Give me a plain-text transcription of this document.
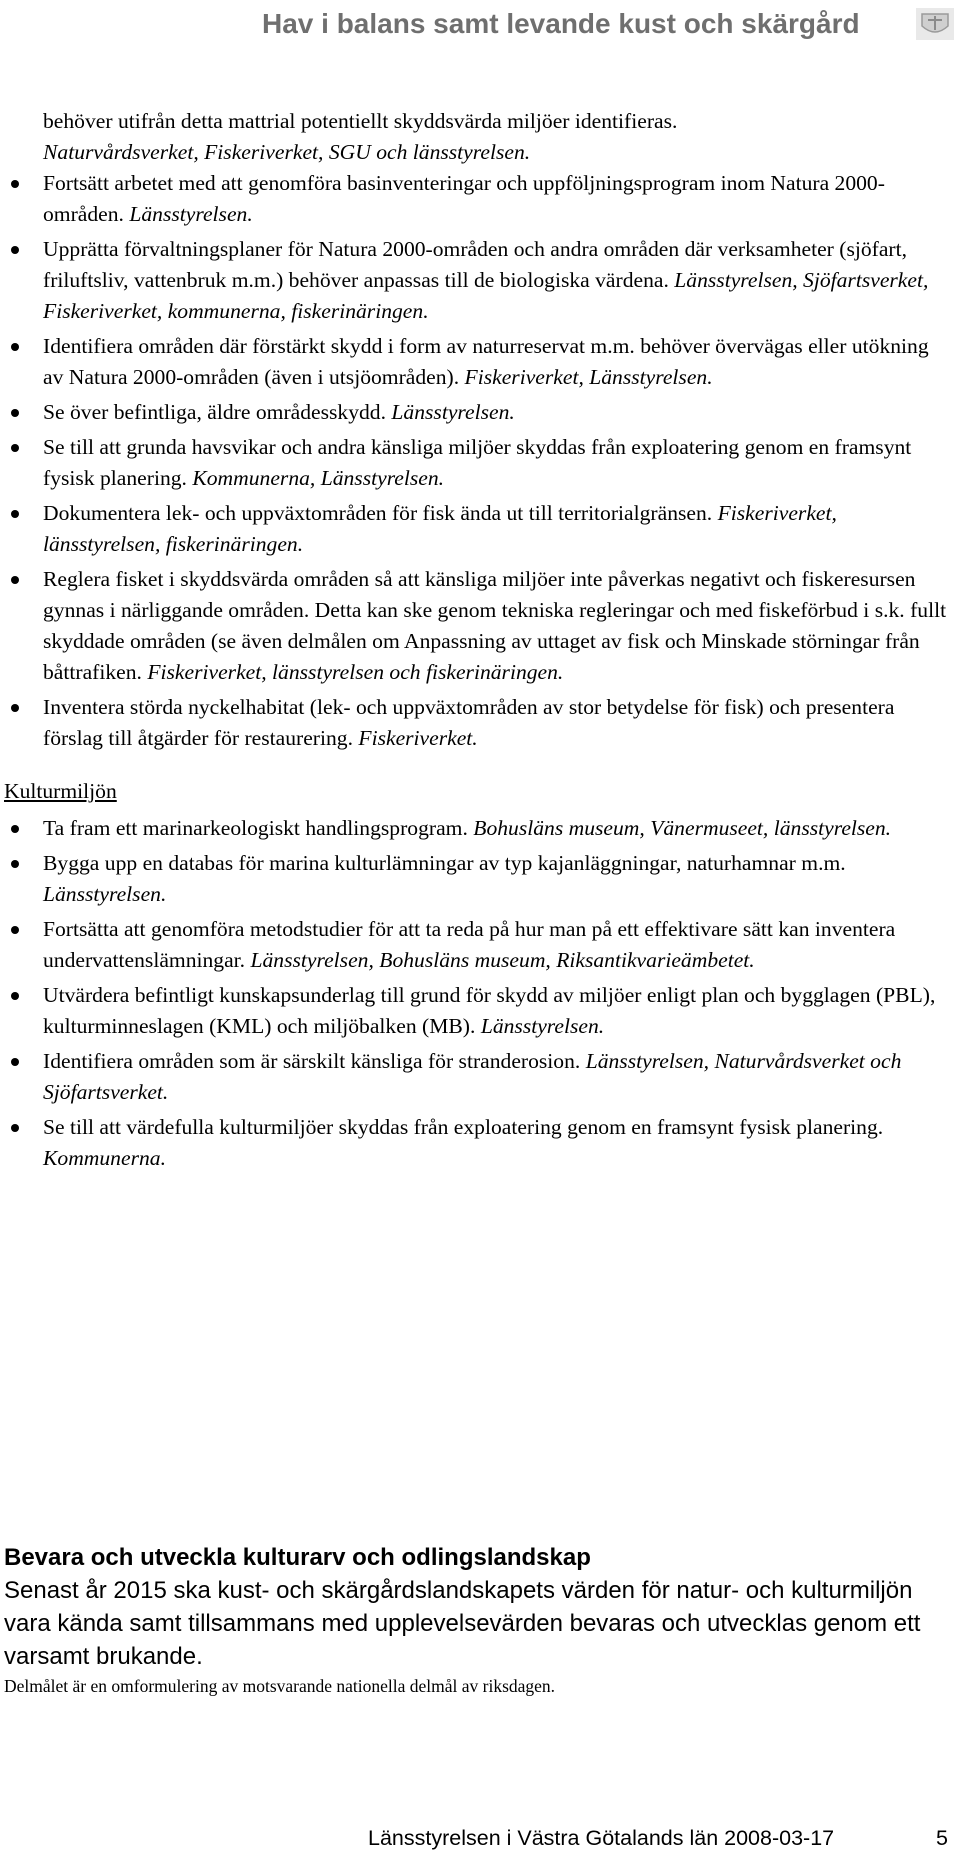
Hav i balans samt levande kust och skärgård

behöver utifrån detta mattrial potentiellt skyddsvärda miljöer identifieras.
Naturvårdsverket, Fiskeriverket, SGU och länsstyrelsen.

Fortsätt arbetet med att genomföra basinventeringar och uppföljningsprogram inom Natura 2000-områden. Länsstyrelsen.
Upprätta förvaltningsplaner för Natura 2000-områden och andra områden där verksamheter (sjöfart, friluftsliv, vattenbruk m.m.) behöver anpassas till de biologiska värdena. Länsstyrelsen, Sjöfartsverket, Fiskeriverket, kommunerna, fiskerinäringen.
Identifiera områden där förstärkt skydd i form av naturreservat m.m. behöver övervägas eller utökning av Natura 2000-områden (även i utsjöområden). Fiskeriverket, Länsstyrelsen.
Se över befintliga, äldre områdesskydd. Länsstyrelsen.
Se till att grunda havsvikar och andra känsliga miljöer skyddas från exploatering genom en framsynt fysisk planering. Kommunerna, Länsstyrelsen.
Dokumentera lek- och uppväxtområden för fisk ända ut till territorialgränsen. Fiskeriverket, länsstyrelsen, fiskerinäringen.
Reglera fisket i skyddsvärda områden så att känsliga miljöer inte påverkas negativt och fiskeresursen gynnas i närliggande områden. Detta kan ske genom tekniska regleringar och med fiskeförbud i s.k. fullt skyddade områden (se även delmålen om Anpassning av uttaget av fisk och Minskade störningar från båttrafiken. Fiskeriverket, länsstyrelsen och fiskerinäringen.
Inventera störda nyckelhabitat (lek- och uppväxtområden av stor betydelse för fisk) och presentera förslag till åtgärder för restaurering. Fiskeriverket.
Kulturmiljön
Ta fram ett marinarkeologiskt handlingsprogram. Bohusläns museum, Vänermuseet, länsstyrelsen.
Bygga upp en databas för marina kulturlämningar av typ kajanläggningar, naturhamnar m.m. Länsstyrelsen.
Fortsätta att genomföra metodstudier för att ta reda på hur man på ett effektivare sätt kan inventera undervattenslämningar. Länsstyrelsen, Bohusläns museum, Riksantikvarieämbetet.
Utvärdera befintligt kunskapsunderlag till grund för skydd av miljöer enligt plan och bygglagen (PBL), kulturminneslagen (KML) och miljöbalken (MB). Länsstyrelsen.
Identifiera områden som är särskilt känsliga för stranderosion. Länsstyrelsen, Naturvårdsverket och Sjöfartsverket.
Se till att värdefulla kulturmiljöer skyddas från exploatering genom en framsynt fysisk planering. Kommunerna.

Bevara och utveckla kulturarv och odlingslandskap

Senast år 2015 ska kust- och skärgårdslandskapets värden för natur- och kulturmiljön vara kända samt tillsammans med upplevelsevärden bevaras och utvecklas genom ett varsamt brukande.

Delmålet är en omformulering av motsvarande nationella delmål av riksdagen.

Länsstyrelsen i Västra Götalands län 2008-03-17	5
